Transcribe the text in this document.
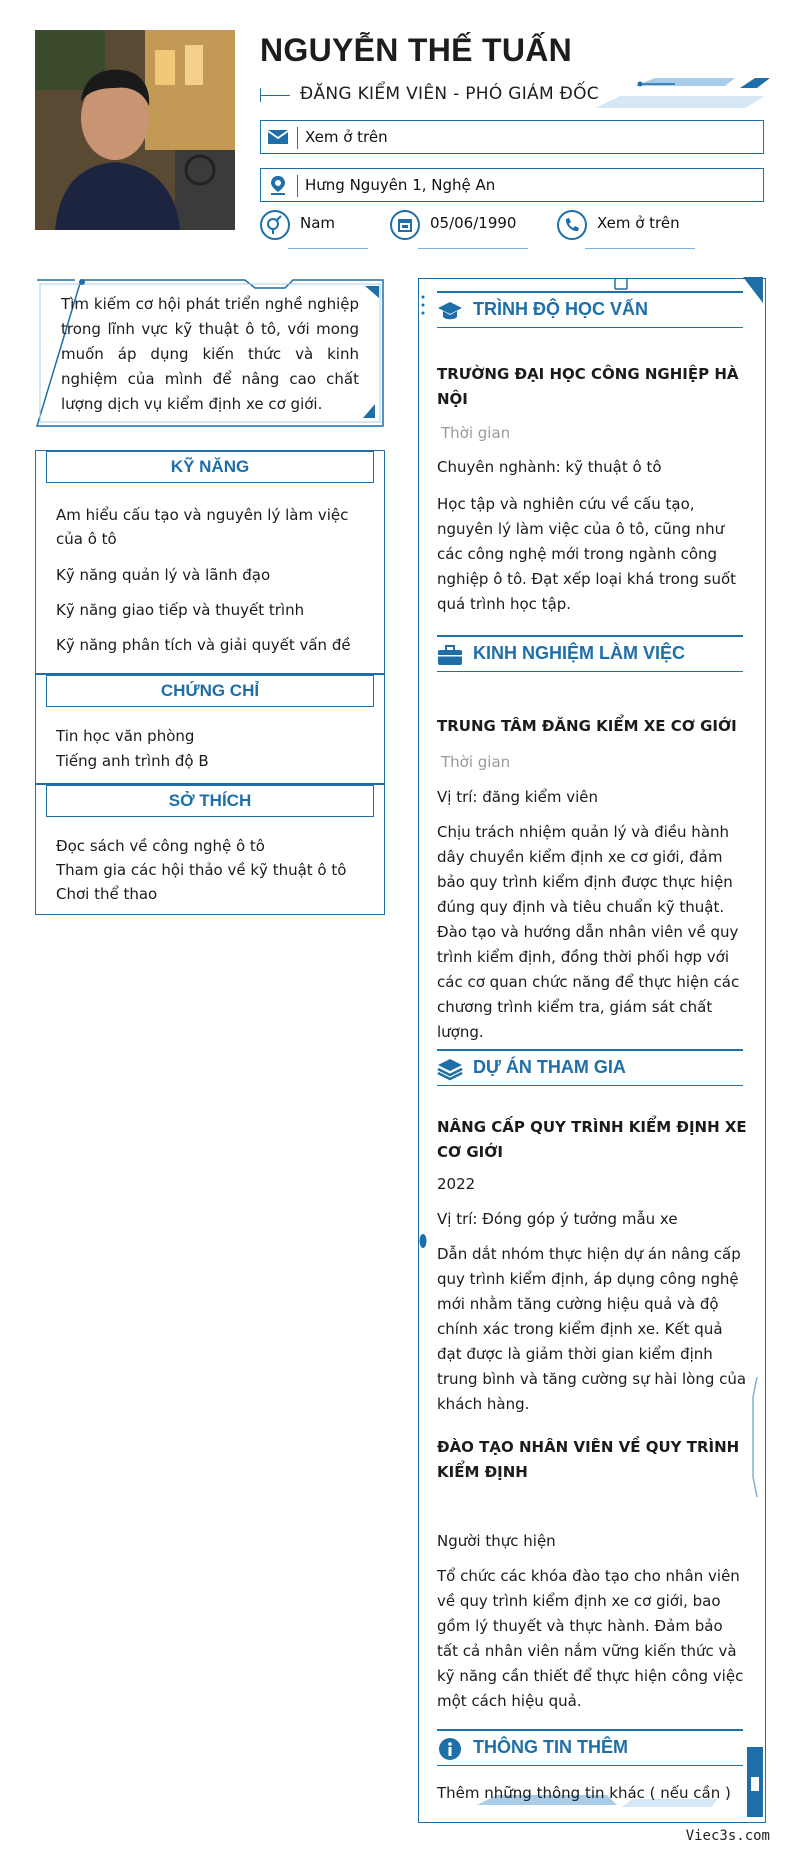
NGUYỄN THẾ TUẤN
ĐĂNG KIỂM VIÊN - PHÓ GIÁM ĐỐC
Xem ở trên
Hưng Nguyên 1, Nghệ An
Nam	05/06/1990	Xem ở trên
Tìm kiếm cơ hội phát triển nghề nghiệp trong lĩnh vực kỹ thuật ô tô, với mong muốn áp dụng kiến thức và kinh nghiệm của mình để nâng cao chất lượng dịch vụ kiểm định xe cơ giới.
KỸ NĂNG
Am hiểu cấu tạo và nguyên lý làm việc của ô tô
Kỹ năng quản lý và lãnh đạo
Kỹ năng giao tiếp và thuyết trình
Kỹ năng phân tích và giải quyết vấn đề
CHỨNG CHỈ
Tin học văn phòng
Tiếng anh trình độ B
SỞ THÍCH
Đọc sách về công nghệ ô tô
Tham gia các hội thảo về kỹ thuật ô tô
Chơi thể thao
TRÌNH ĐỘ HỌC VẤN
TRƯỜNG ĐẠI HỌC CÔNG NGHIỆP HÀ NỘI
Thời gian
Chuyên nghành: kỹ thuật ô tô
Học tập và nghiên cứu về cấu tạo, nguyên lý làm việc của ô tô, cũng như các công nghệ mới trong ngành công nghiệp ô tô. Đạt xếp loại khá trong suốt quá trình học tập.
KINH NGHIỆM LÀM VIỆC
TRUNG TÂM ĐĂNG KIỂM XE CƠ GIỚI
Thời gian
Vị trí: đăng kiểm viên
Chịu trách nhiệm quản lý và điều hành dây chuyền kiểm định xe cơ giới, đảm bảo quy trình kiểm định được thực hiện đúng quy định và tiêu chuẩn kỹ thuật. Đào tạo và hướng dẫn nhân viên về quy trình kiểm định, đồng thời phối hợp với các cơ quan chức năng để thực hiện các chương trình kiểm tra, giám sát chất lượng.
DỰ ÁN THAM GIA
NÂNG CẤP QUY TRÌNH KIỂM ĐỊNH XE CƠ GIỚI
2022
Vị trí: Đóng góp ý tưởng mẫu xe
Dẫn dắt nhóm thực hiện dự án nâng cấp quy trình kiểm định, áp dụng công nghệ mới nhằm tăng cường hiệu quả và độ chính xác trong kiểm định xe. Kết quả đạt được là giảm thời gian kiểm định trung bình và tăng cường sự hài lòng của khách hàng.
ĐÀO TẠO NHÂN VIÊN VỀ QUY TRÌNH KIỂM ĐỊNH
Người thực hiện
Tổ chức các khóa đào tạo cho nhân viên về quy trình kiểm định xe cơ giới, bao gồm lý thuyết và thực hành. Đảm bảo tất cả nhân viên nắm vững kiến thức và kỹ năng cần thiết để thực hiện công việc một cách hiệu quả.
THÔNG TIN THÊM
Thêm những thông tin khác ( nếu cần )
Viec3s.com
